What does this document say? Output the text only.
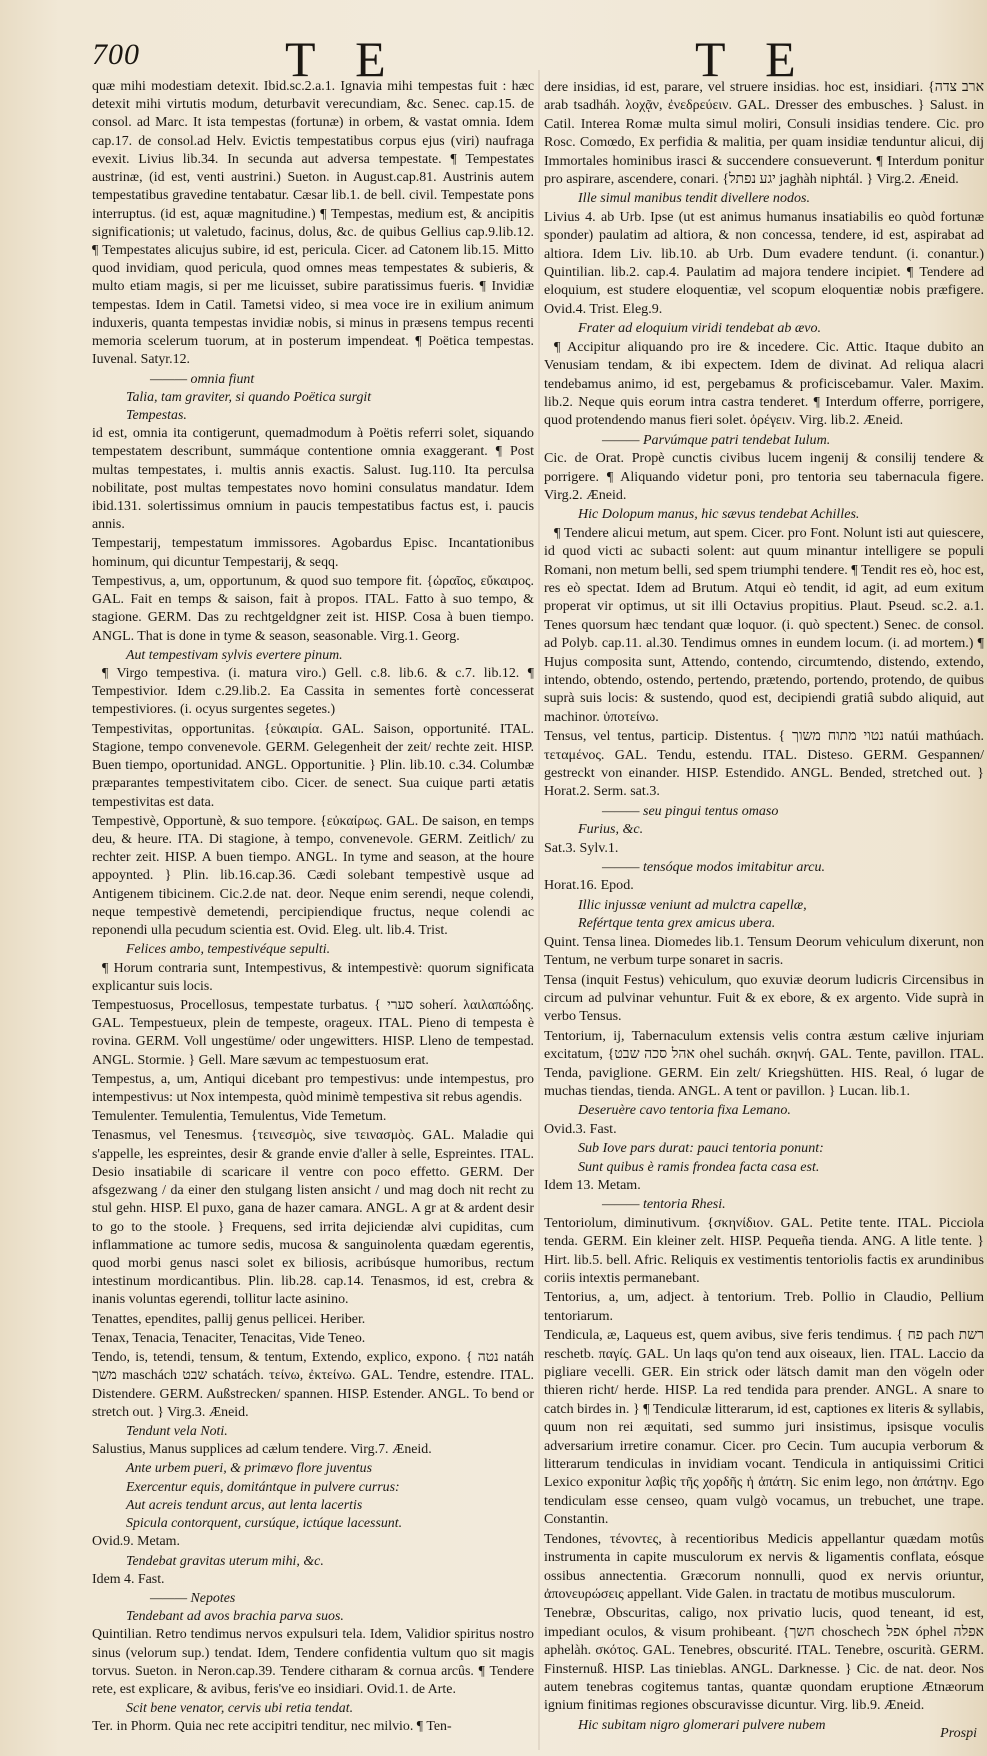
700	T E	T E

quæ mihi modestiam detexit. Ibid.sc.2.a.1. Ignavia mihi tempestas fuit : hæc detexit mihi virtutis modum, deturbavit verecundiam, &c. Senec. cap.15. de consol. ad Marc. It ista tempestas (fortunæ) in orbem, & vastat omnia. Idem cap.17. de consol.ad Helv. Evictis tempestatibus corpus ejus (viri) naufraga evexit. Livius lib.34. In secunda aut adversa tempestate. ¶ Tempestates austrinæ, (id est, venti austrini.) Sueton. in August.cap.81. Austrinis autem tempestatibus gravedine tentabatur. Cæsar lib.1. de bell. civil. Tempestate pons interruptus. (id est, aquæ magnitudine.) ¶ Tempestas, medium est, & ancipitis significationis; ut valetudo, facinus, dolus, &c. de quibus Gellius cap.9.lib.12. ¶ Tempestates alicujus subire, id est, pericula. Cicer. ad Catonem lib.15. Mitto quod invidiam, quod pericula, quod omnes meas tempestates & subieris, & multo etiam magis, si per me licuisset, subire paratissimus fueris. ¶ Invidiæ tempestas. Idem in Catil. Tametsi video, si mea voce ire in exilium animum induxeris, quanta tempestas invidiæ nobis, si minus in præsens tempus recenti memoria scelerum tuorum, at in posterum impendeat. ¶ Poëtica tempestas. Iuvenal. Satyr.12.

——— omnia fiunt

Talia, tam graviter, si quando Poëtica surgit

Tempestas.

id est, omnia ita contigerunt, quemadmodum à Poëtis referri solet, siquando tempestatem describunt, summáque contentione omnia exaggerant. ¶ Post multas tempestates, i. multis annis exactis. Salust. Iug.110. Ita perculsa nobilitate, post multas tempestates novo homini consulatus mandatur. Idem ibid.131. solertissimus omnium in paucis tempestatibus factus est, i. paucis annis.

Tempestarij, tempestatum immissores. Agobardus Episc. Incantationibus hominum, qui dicuntur Tempestarij, & seqq.

Tempestivus, a, um, opportunum, & quod suo tempore fit. {ὡραῖος, εὔκαιρος. GAL. Fait en temps & saison, fait à propos. ITAL. Fatto à suo tempo, & stagione. GERM. Das zu rechtgeldgner zeit ist. HISP. Cosa à buen tiempo. ANGL. That is done in tyme & season, seasonable. Virg.1. Georg.

Aut tempestivam sylvis evertere pinum.

¶ Virgo tempestiva. (i. matura viro.) Gell. c.8. lib.6. & c.7. lib.12. ¶ Tempestivior. Idem c.29.lib.2. Ea Cassita in sementes fortè concesserat tempestiviores. (i. ocyus surgentes segetes.)

Tempestivitas, opportunitas. {εὐκαιρία. GAL. Saison, opportunité. ITAL. Stagione, tempo convenevole. GERM. Gelegenheit der zeit/ rechte zeit. HISP. Buen tiempo, oportunidad. ANGL. Opportunitie. } Plin. lib.10. c.34. Columbæ præparantes tempestivitatem cibo. Cicer. de senect. Sua cuique parti ætatis tempestivitas est data.

Tempestivè, Opportunè, & suo tempore. {εὐκαίρως. GAL. De saison, en temps deu, & heure. ITA. Di stagione, à tempo, convenevole. GERM. Zeitlich/ zu rechter zeit. HISP. A buen tiempo. ANGL. In tyme and season, at the houre appoynted. } Plin. lib.16.cap.36. Cædi solebant tempestivè usque ad Antigenem tibicinem. Cic.2.de nat. deor. Neque enim serendi, neque colendi, neque tempestivè demetendi, percipiendique fructus, neque colendi ac reponendi ulla pecudum scientia est. Ovid. Eleg. ult. lib.4. Trist.

Felices ambo, tempestivéque sepulti.

¶ Horum contraria sunt, Intempestivus, & intempestivè: quorum significata explicantur suis locis.

Tempestuosus, Procellosus, tempestate turbatus. { סערי soherí. λαιλαπώδης. GAL. Tempestueux, plein de tempeste, orageux. ITAL. Pieno di tempesta è rovina. GERM. Voll ungestüme/ oder ungewitters. HISP. Lleno de tempestad. ANGL. Stormie. } Gell. Mare sævum ac tempestuosum erat.

Tempestus, a, um, Antiqui dicebant pro tempestivus: unde intempestus, pro intempestivus: ut Nox intempesta, quòd minimè tempestiva sit rebus agendis.

Temulenter. Temulentia, Temulentus, Vide Temetum.

Tenasmus, vel Tenesmus. {τεινεσμὸς, sive τεινασμὸς. GAL. Maladie qui s'appelle, les espreintes, desir & grande envie d'aller à selle, Espreintes. ITAL. Desio insatiabile di scaricare il ventre con poco effetto. GERM. Der afsgezwang / da einer den stulgang listen ansicht / und mag doch nit recht zu stul gehn. HISP. El puxo, gana de hazer camara. ANGL. A gr at & ardent desir to go to the stoole. } Frequens, sed irrita dejiciendæ alvi cupiditas, cum inflammatione ac tumore sedis, mucosa & sanguinolenta quædam egerentis, quod morbi genus nasci solet ex biliosis, acribúsque humoribus, rectum intestinum mordicantibus. Plin. lib.28. cap.14. Tenasmos, id est, crebra & inanis voluntas egerendi, tollitur lacte asinino.

Tenattes, ependites, pallij genus pellicei. Heriber.

Tenax, Tenacia, Tenaciter, Tenacitas, Vide Teneo.

Tendo, is, tetendi, tensum, & tentum, Extendo, explico, expono. { נטה natáh משך maschách שבט schatách. τείνω, ἐκτείνω. GAL. Tendre, estendre. ITAL. Distendere. GERM. Außstrecken/ spannen. HISP. Estender. ANGL. To bend or stretch out. } Virg.3. Æneid.

Tendunt vela Noti.

Salustius, Manus supplices ad cælum tendere. Virg.7. Æneid.

Ante urbem pueri, & primævo flore juventus

Exercentur equis, domitántque in pulvere currus:

Aut acreis tendunt arcus, aut lenta lacertis

Spicula contorquent, cursúque, ictúque lacessunt.

Ovid.9. Metam.

Tendebat gravitas uterum mihi, &c.

Idem 4. Fast.

——— Nepotes

Tendebant ad avos brachia parva suos.

Quintilian. Retro tendimus nervos expulsuri tela. Idem, Validior spiritus nostro sinus (velorum sup.) tendat. Idem, Tendere confidentia vultum quo sit magis torvus. Sueton. in Neron.cap.39. Tendere citharam & cornua arcûs. ¶ Tendere rete, est explicare, & avibus, feris've eo insidiari. Ovid.1. de Arte.

Scit bene venator, cervis ubi retia tendat.

Ter. in Phorm. Quia nec rete accipitri tenditur, nec milvio. ¶ Ten-

dere insidias, id est, parare, vel struere insidias. hoc est, insidiari. {ארב צדה arab tsadháh. λοχᾷν, ἐνεδρεύειν. GAL. Dresser des embusches. } Salust. in Catil. Interea Romæ multa simul moliri, Consuli insidias tendere. Cic. pro Rosc. Comœdo, Ex perfidia & malitia, per quam insidiæ tenduntur alicui, dij Immortales hominibus irasci & succendere consueverunt. ¶ Interdum ponitur pro aspirare, ascendere, conari. {יגע נפתל jaghàh niphtál. } Virg.2. Æneid.

Ille simul manibus tendit divellere nodos.

Livius 4. ab Urb. Ipse (ut est animus humanus insatiabilis eo quòd fortunæ sponder) paulatim ad altiora, & non concessa, tendere, id est, aspirabat ad altiora. Idem Liv. lib.10. ab Urb. Dum evadere tendunt. (i. conantur.) Quintilian. lib.2. cap.4. Paulatim ad majora tendere incipiet. ¶ Tendere ad eloquium, est studere eloquentiæ, vel scopum eloquentiæ nobis præfigere. Ovid.4. Trist. Eleg.9.

Frater ad eloquium viridi tendebat ab ævo.

¶ Accipitur aliquando pro ire & incedere. Cic. Attic. Itaque dubito an Venusiam tendam, & ibi expectem. Idem de divinat. Ad reliqua alacri tendebamus animo, id est, pergebamus & proficiscebamur. Valer. Maxim. lib.2. Neque quis eorum intra castra tenderet. ¶ Interdum offerre, porrigere, quod protendendo manus fieri solet. ὀρέγειν. Virg. lib.2. Æneid.

——— Parvúmque patri tendebat Iulum.

Cic. de Orat. Propè cunctis civibus lucem ingenij & consilij tendere & porrigere. ¶ Aliquando videtur poni, pro tentoria seu tabernacula figere. Virg.2. Æneid.

Hic Dolopum manus, hic sævus tendebat Achilles.

¶ Tendere alicui metum, aut spem. Cicer. pro Font. Nolunt isti aut quiescere, id quod victi ac subacti solent: aut quum minantur intelligere se populi Romani, non metum belli, sed spem triumphi tendere. ¶ Tendit res eò, hoc est, res eò spectat. Idem ad Brutum. Atqui eò tendit, id agit, ad eum exitum properat vir optimus, ut sit illi Octavius propitius. Plaut. Pseud. sc.2. a.1. Tenes quorsum hæc tendant quæ loquor. (i. quò spectent.) Senec. de consol. ad Polyb. cap.11. al.30. Tendimus omnes in eundem locum. (i. ad mortem.) ¶ Hujus composita sunt, Attendo, contendo, circumtendo, distendo, extendo, intendo, obtendo, ostendo, pertendo, prætendo, portendo, protendo, de quibus suprà suis locis: & sustendo, quod est, decipiendi gratiâ subdo aliquid, aut machinor. ὑποτείνω.

Tensus, vel tentus, particip. Distentus. { נטוי מתוח משוך natúi mathúach. τεταμένος. GAL. Tendu, estendu. ITAL. Disteso. GERM. Gespannen/ gestreckt von einander. HISP. Estendido. ANGL. Bended, stretched out. } Horat.2. Serm. sat.3.

——— seu pingui tentus omaso

Furius, &c.

Sat.3. Sylv.1.

——— tensóque modos imitabitur arcu.

Horat.16. Epod.

Illic injussæ veniunt ad mulctra capellæ,

Refértque tenta grex amicus ubera.

Quint. Tensa linea. Diomedes lib.1. Tensum Deorum vehiculum dixerunt, non Tentum, ne verbum turpe sonaret in sacris.

Tensa (inquit Festus) vehiculum, quo exuviæ deorum ludicris Circensibus in circum ad pulvinar vehuntur. Fuit & ex ebore, & ex argento. Vide suprà in verbo Tensus.

Tentorium, ij, Tabernaculum extensis velis contra æstum cælive injuriam excitatum, {אהל סכה שבט ohel sucháh. σκηνή. GAL. Tente, pavillon. ITAL. Tenda, paviglione. GERM. Ein zelt/ Kriegshütten. HIS. Real, ó lugar de muchas tiendas, tienda. ANGL. A tent or pavillon. } Lucan. lib.1.

Deseruère cavo tentoria fixa Lemano.

Ovid.3. Fast.

Sub Iove pars durat: pauci tentoria ponunt:

Sunt quibus è ramis frondea facta casa est.

Idem 13. Metam.

——— tentoria Rhesi.

Tentoriolum, diminutivum. {σκηνίδιον. GAL. Petite tente. ITAL. Picciola tenda. GERM. Ein kleiner zelt. HISP. Pequeña tienda. ANG. A litle tente. } Hirt. lib.5. bell. Afric. Reliquis ex vestimentis tentoriolis factis ex arundinibus coriis intextis permanebant.

Tentorius, a, um, adject. à tentorium. Treb. Pollio in Claudio, Pellium tentoriarum.

Tendicula, æ, Laqueus est, quem avibus, sive feris tendimus. { פח pach רשת reschetb. παγίς. GAL. Un laqs qu'on tend aux oiseaux, lien. ITAL. Laccio da pigliare vecelli. GER. Ein strick oder lätsch damit man den vögeln oder thieren richt/ herde. HISP. La red tendida para prender. ANGL. A snare to catch birdes in. } ¶ Tendiculæ litterarum, id est, captiones ex literis & syllabis, quum non rei æquitati, sed summo juri insistimus, ipsisque voculis adversarium irretire conamur. Cicer. pro Cecin. Tum aucupia verborum & litterarum tendiculas in invidiam vocant. Tendicula in antiquissimi Critici Lexico exponitur λαβὶς τῆς χορδῆς ἡ ἀπάτη. Sic enim lego, non ἀπάτην. Ego tendiculam esse censeo, quam vulgò vocamus, un trebuchet, une trape. Constantin.

Tendones, τένοντες, à recentioribus Medicis appellantur quædam motûs instrumenta in capite musculorum ex nervis & ligamentis conflata, eósque ossibus annectentia. Græcorum nonnulli, quod ex nervis oriuntur, ἀπονευρώσεις appellant. Vide Galen. in tractatu de motibus musculorum.

Tenebræ, Obscuritas, caligo, nox privatio lucis, quod teneant, id est, impediant oculos, & visum prohibeant. {חשך choschech אפל óphel אפלה aphelàh. σκότος. GAL. Tenebres, obscurité. ITAL. Tenebre, oscurità. GERM. Finsternuß. HISP. Las tinieblas. ANGL. Darknesse. } Cic. de nat. deor. Nos autem tenebras cogitemus tantas, quantæ quondam eruptione Ætnæorum ignium finitimas regiones obscuravisse dicuntur. Virg. lib.9. Æneid.

Hic subitam nigro glomerari pulvere nubem

Prospi
